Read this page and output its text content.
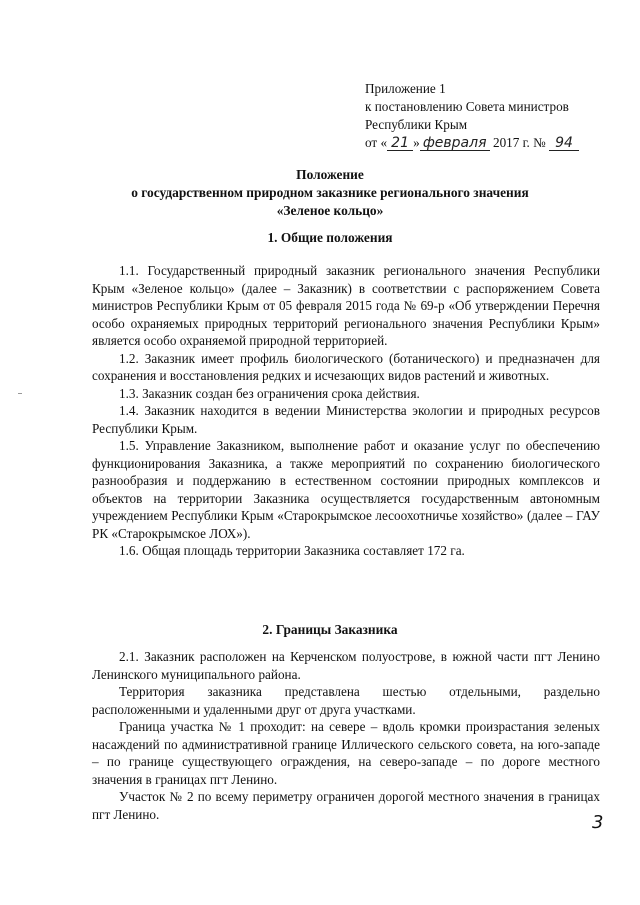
Приложение 1
к постановлению Совета министров
Республики Крым
от « 21 » февраля 2017 г. № 94
Положение
о государственном природном заказнике регионального значения
«Зеленое кольцо»
1. Общие положения

1.1. Государственный природный заказник регионального значения Республики Крым «Зеленое кольцо» (далее – Заказник) в соответствии с распоряжением Совета министров Республики Крым от 05 февраля 2015 года № 69-р «Об утверждении Перечня особо охраняемых природных территорий регионального значения Республики Крым» является особо охраняемой природной территорией.

1.2. Заказник имеет профиль биологического (ботанического) и предназначен для сохранения и восстановления редких и исчезающих видов растений и животных.

1.3. Заказник создан без ограничения срока действия.

1.4. Заказник находится в ведении Министерства экологии и природных ресурсов Республики Крым.

1.5. Управление Заказником, выполнение работ и оказание услуг по обеспечению функционирования Заказника, а также мероприятий по сохранению биологического разнообразия и поддержанию в естественном состоянии природных комплексов и объектов на территории Заказника осуществляется государственным автономным учреждением Республики Крым «Старокрымское лесоохотничье хозяйство» (далее – ГАУ РК «Старокрымское ЛОХ»).

1.6. Общая площадь территории Заказника составляет 172 га.

2. Границы Заказника

2.1. Заказник расположен на Керченском полуострове, в южной части пгт Ленино Ленинского муниципального района.

Территория заказника представлена шестью отдельными, раздельно расположенными и удаленными друг от друга участками.

Граница участка № 1 проходит: на севере – вдоль кромки произрастания зеленых насаждений по административной границе Иллического сельского совета, на юго-западе – по границе существующего ограждения, на северо-западе – по дороге местного значения в границах пгт Ленино.

Участок № 2 по всему периметру ограничен дорогой местного значения в границах пгт Ленино.	3
